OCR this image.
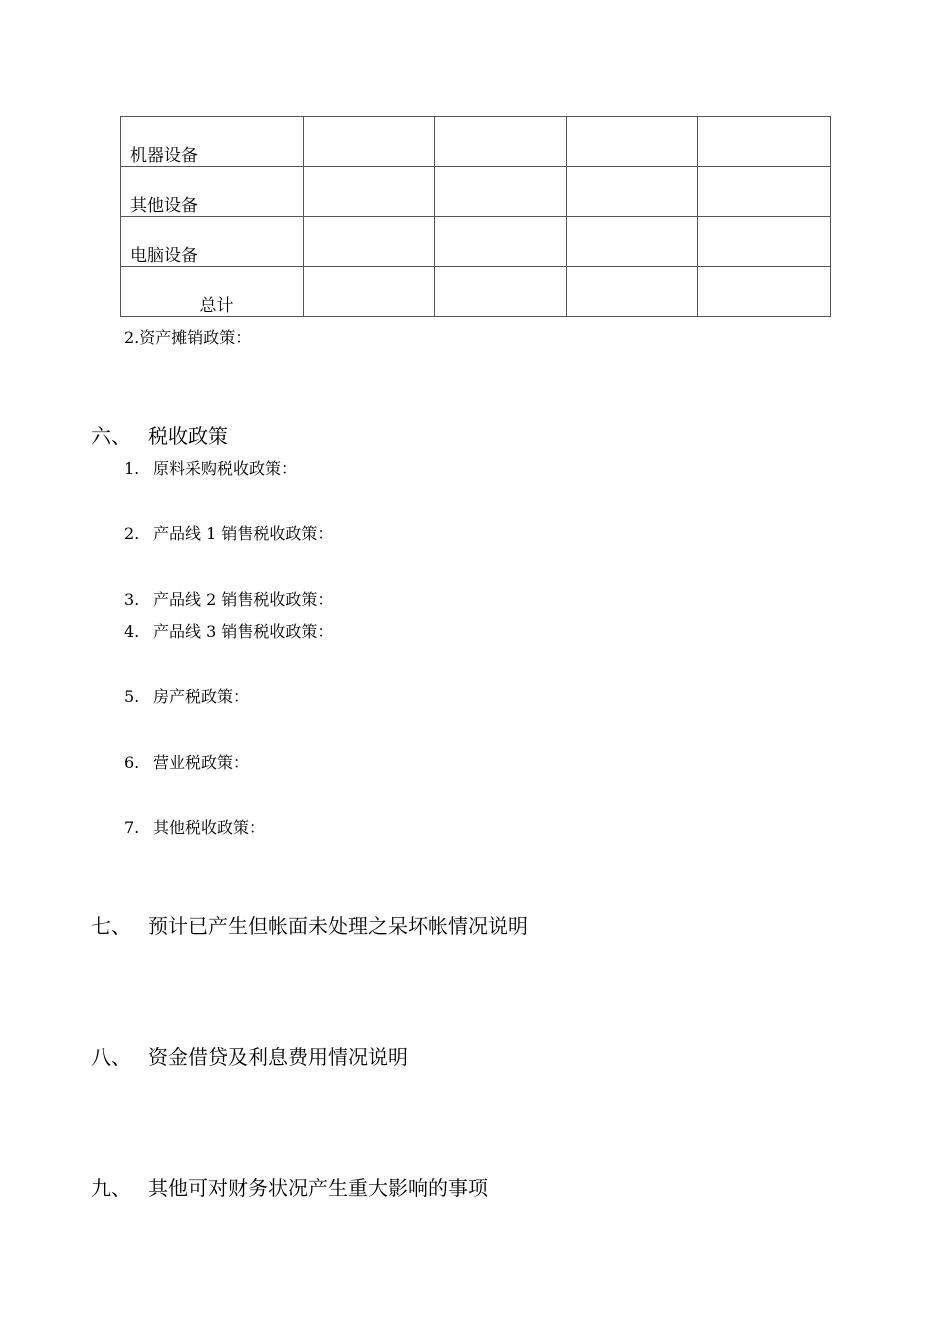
机器设备				
其他设备				
电脑设备				
总计				
2.资产摊销政策：
六、 税收政策
1. 原料采购税收政策：
2. 产品线 1 销售税收政策：
3. 产品线 2 销售税收政策：
4. 产品线 3 销售税收政策：
5. 房产税政策：
6. 营业税政策：
7. 其他税收政策：
七、 预计已产生但帐面未处理之呆坏帐情况说明
八、 资金借贷及利息费用情况说明
九、 其他可对财务状况产生重大影响的事项
